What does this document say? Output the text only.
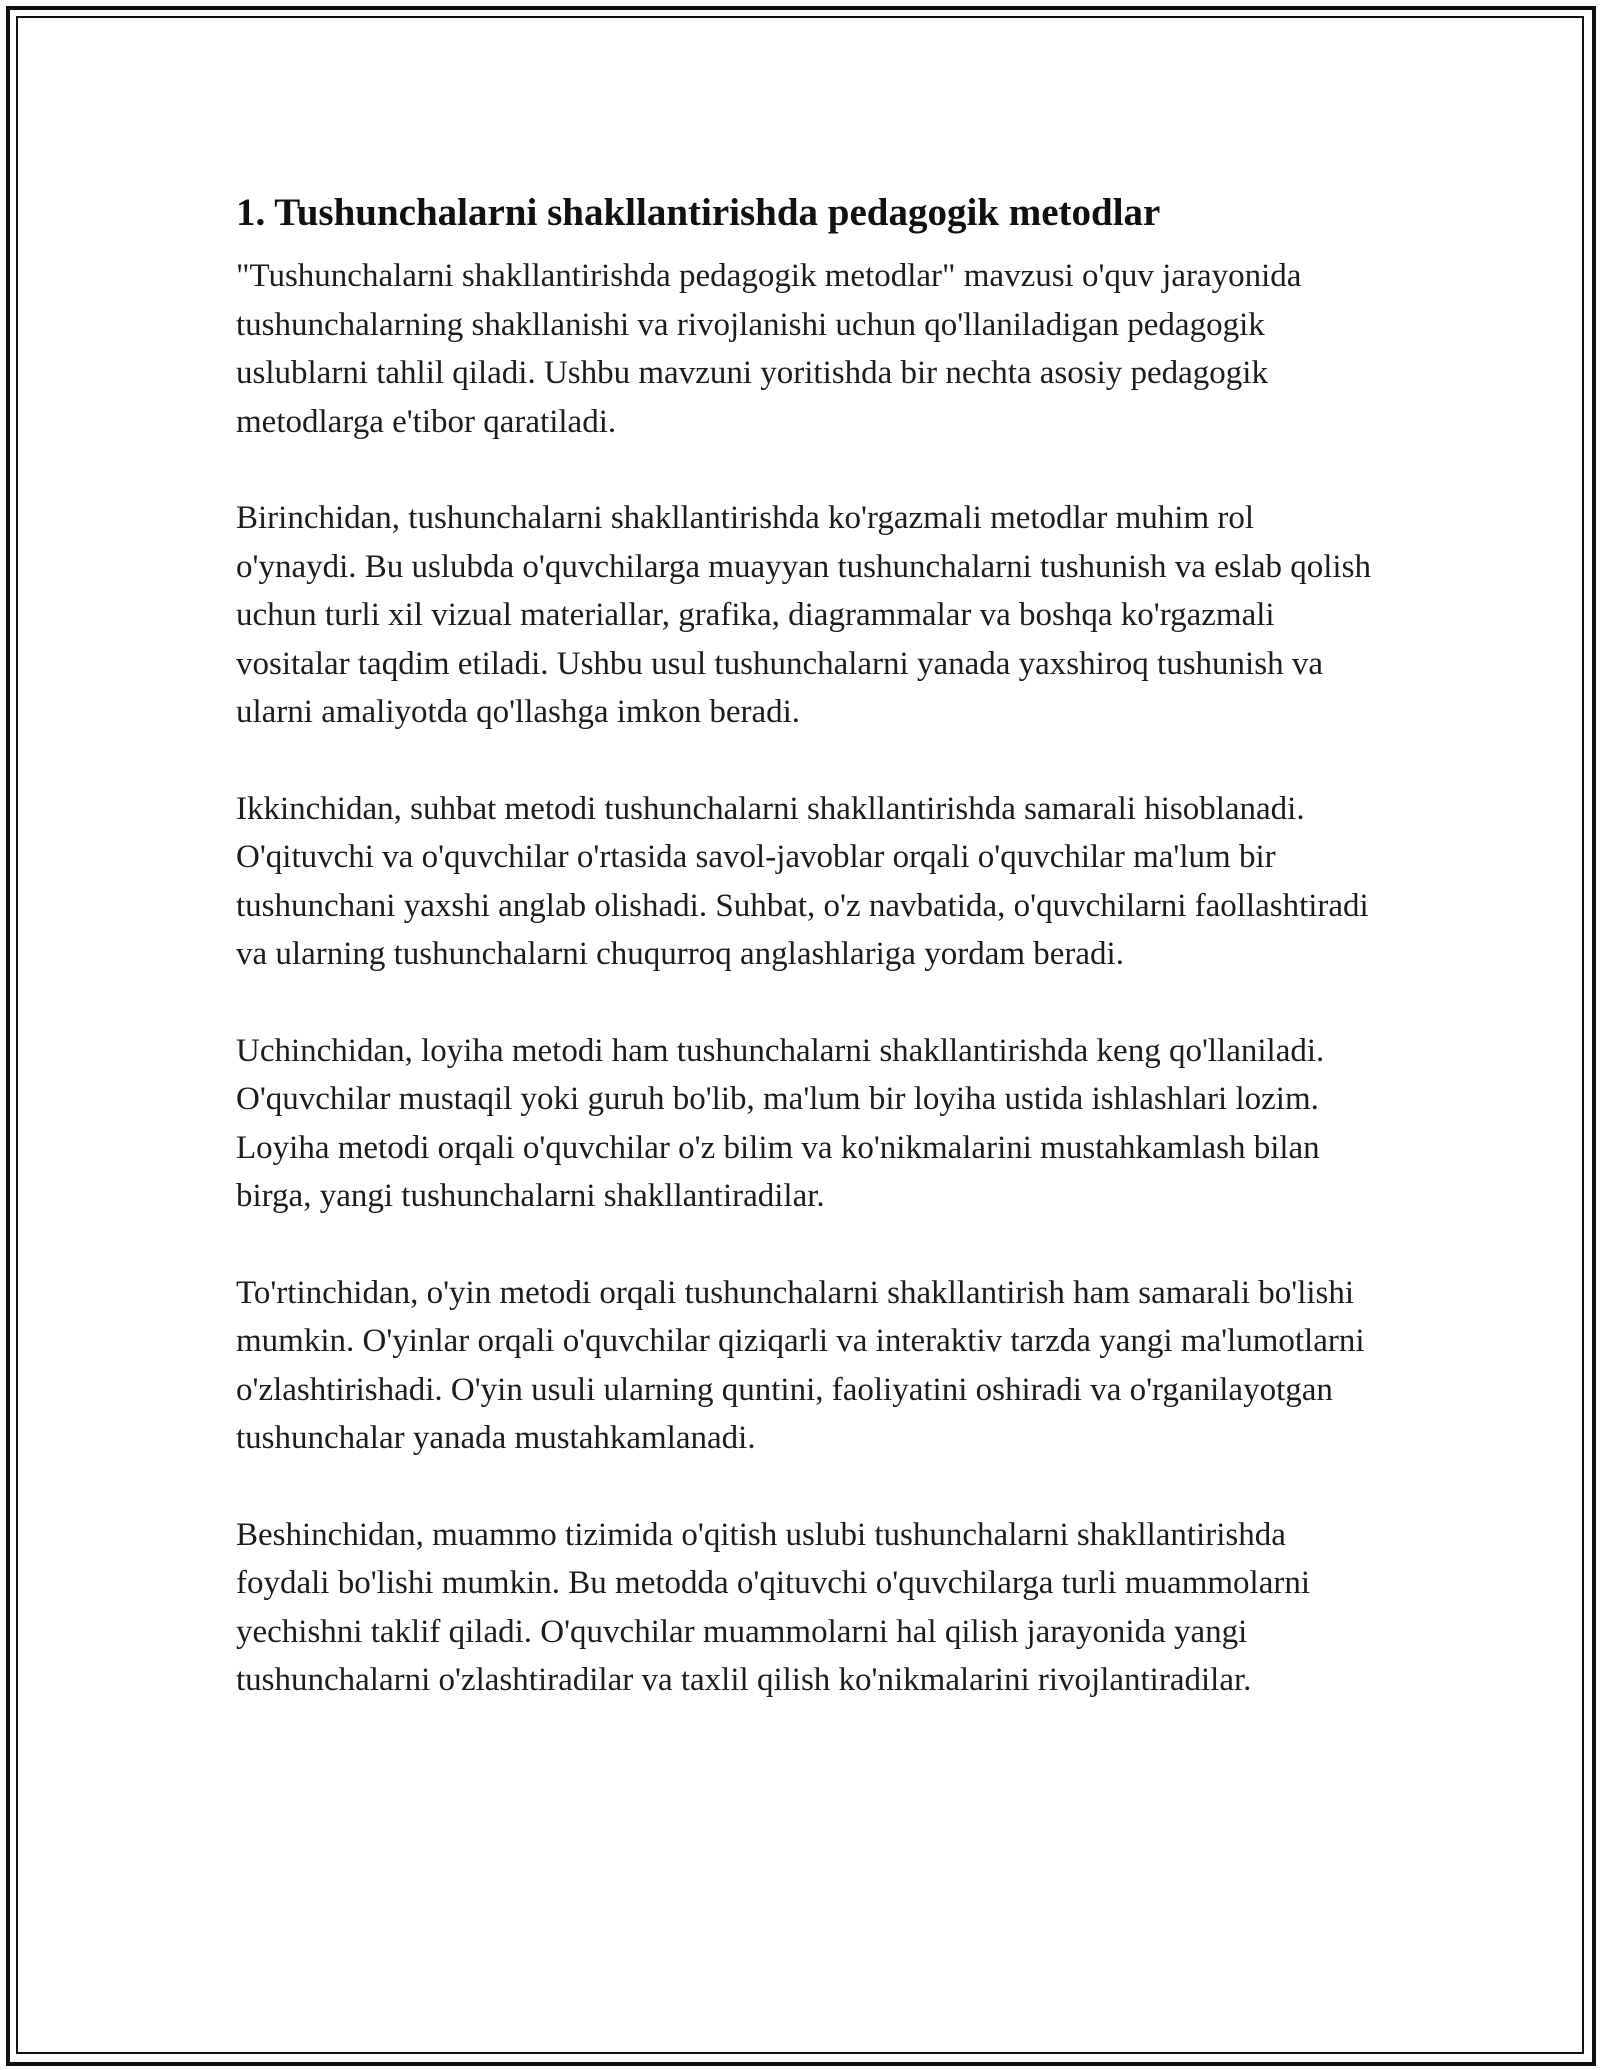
1. Tushunchalarni shakllantirishda pedagogik metodlar

"Tushunchalarni shakllantirishda pedagogik metodlar" mavzusi o'quv jarayonida tushunchalarning shakllanishi va rivojlanishi uchun qo'llaniladigan pedagogik uslublarni tahlil qiladi. Ushbu mavzuni yoritishda bir nechta asosiy pedagogik metodlarga e'tibor qaratiladi.

Birinchidan, tushunchalarni shakllantirishda ko'rgazmali metodlar muhim rol o'ynaydi. Bu uslubda o'quvchilarga muayyan tushunchalarni tushunish va eslab qolish uchun turli xil vizual materiallar, grafika, diagrammalar va boshqa ko'rgazmali vositalar taqdim etiladi. Ushbu usul tushunchalarni yanada yaxshiroq tushunish va ularni amaliyotda qo'llashga imkon beradi.

Ikkinchidan, suhbat metodi tushunchalarni shakllantirishda samarali hisoblanadi. O'qituvchi va o'quvchilar o'rtasida savol-javoblar orqali o'quvchilar ma'lum bir tushunchani yaxshi anglab olishadi. Suhbat, o'z navbatida, o'quvchilarni faollashtiradi va ularning tushunchalarni chuqurroq anglashlariga yordam beradi.

Uchinchidan, loyiha metodi ham tushunchalarni shakllantirishda keng qo'llaniladi. O'quvchilar mustaqil yoki guruh bo'lib, ma'lum bir loyiha ustida ishlashlari lozim. Loyiha metodi orqali o'quvchilar o'z bilim va ko'nikmalarini mustahkamlash bilan birga, yangi tushunchalarni shakllantiradilar.

To'rtinchidan, o'yin metodi orqali tushunchalarni shakllantirish ham samarali bo'lishi mumkin. O'yinlar orqali o'quvchilar qiziqarli va interaktiv tarzda yangi ma'lumotlarni o'zlashtirishadi. O'yin usuli ularning quntini, faoliyatini oshiradi va o'rganilayotgan tushunchalar yanada mustahkamlanadi.

Beshinchidan, muammo tizimida o'qitish uslubi tushunchalarni shakllantirishda foydali bo'lishi mumkin. Bu metodda o'qituvchi o'quvchilarga turli muammolarni yechishni taklif qiladi. O'quvchilar muammolarni hal qilish jarayonida yangi tushunchalarni o'zlashtiradilar va taxlil qilish ko'nikmalarini rivojlantiradilar.
